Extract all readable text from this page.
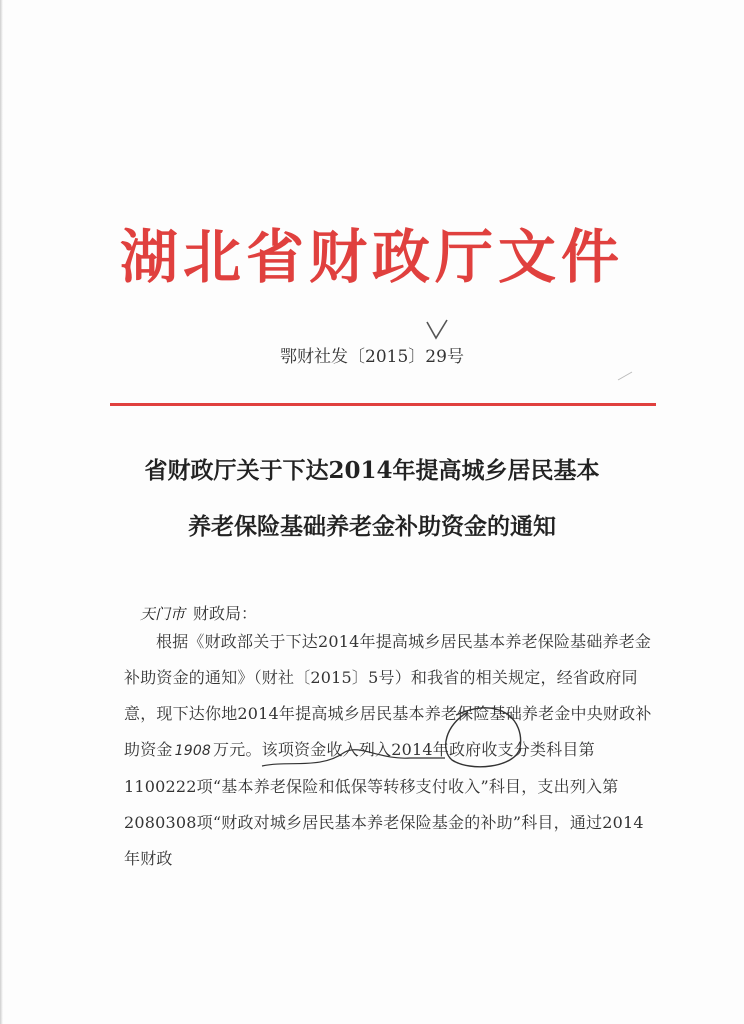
湖北省财政厅文件
鄂财社发〔2015〕29号
省财政厅关于下达2014年提高城乡居民基本
养老保险基础养老金补助资金的通知
天门市 财政局：
根据《财政部关于下达2014年提高城乡居民基本养老保险基础养老金补助资金的通知》（财社〔2015〕5号）和我省的相关规定，经省政府同意，现下达你地2014年提高城乡居民基本养老保险基础养老金中央财政补助资金 1908 万元。该项资金收入列入2014年政府收支分类科目第1100222项“基本养老保险和低保等转移支付收入”科目，支出列入第2080308项“财政对城乡居民基本养老保险基金的补助”科目，通过2014年财政
